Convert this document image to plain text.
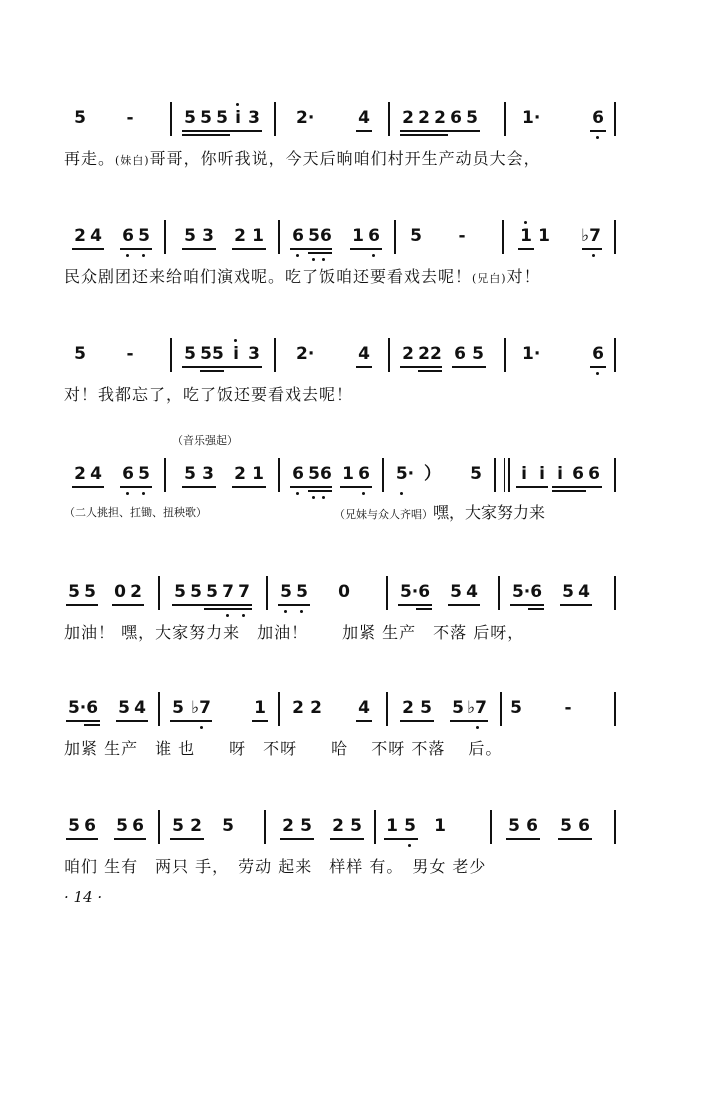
5 -	5 5 5 i 3 2·	4 2 2 2 6 5	1·	6
再走。(妹白)哥哥，你听我说，今天后晌咱们村开生产动员大会，
2 4 6 5 5 3 2 1 6 56 1 6 5 -	1 1 ♭7
民众剧团还来给咱们演戏呢。吃了饭咱还要看戏去呢！(兄白)对！
5 -	5 55 i 3 2·	4 2 22 6 5 1·	6
对！我都忘了，吃了饭还要看戏去呢！
（音乐强起）
2 4 6 5 5 3 2 1 6 56 1 6 5· ） 5 i i i 6 6
（二人挑担、扛锄、扭秧歌）	（兄妹与众人齐唱）嘿，大家努力来
5 5 0 2 5 5 5 7 7 5 5 0	5·6 5 4 5·6 5 4
加油！ 嘿，大家努力来　加油！　　加紧 生产　不落 后呀，
5·6 5 4 5 ♭7	1 2 2 4 2 5 5 ♭7 5	-
加紧 生产　谁 也　　呀　不呀　　哈　 不呀 不落　 后。
5 6 5 6 5 2 5	2 5 2 5 1 5 1	5 6 5 6
咱们 生有　两只 手，　劳动 起来　样样 有。　男女 老少
· 14 ·
